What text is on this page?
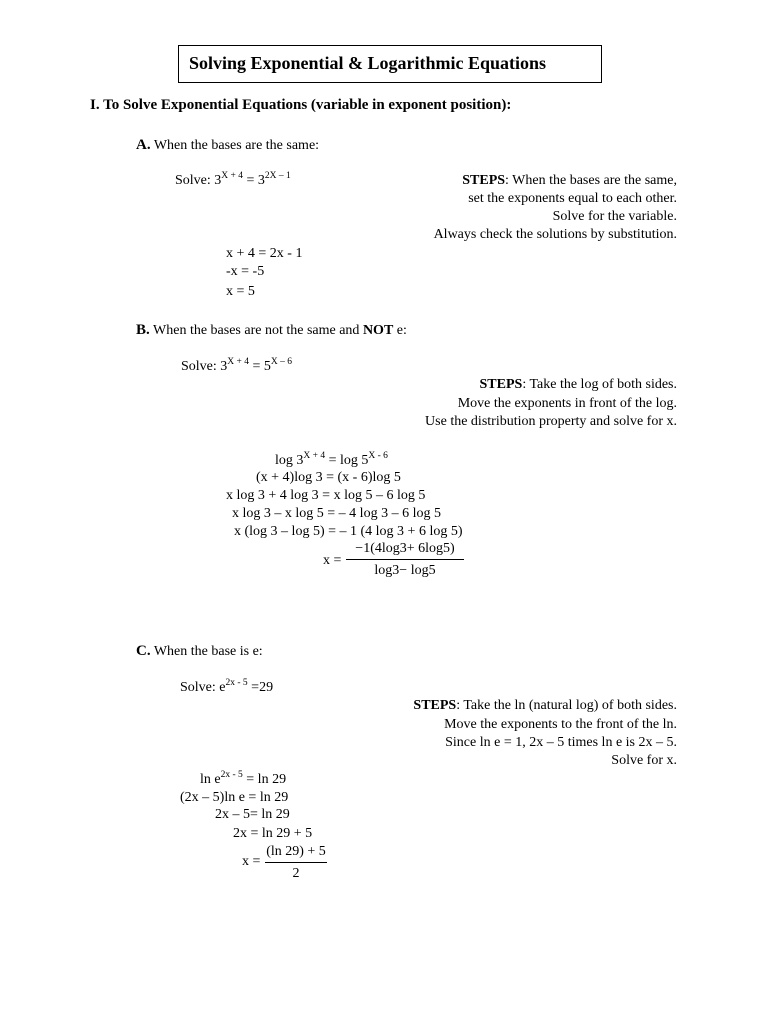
Solving Exponential & Logarithmic Equations
I. To Solve Exponential Equations (variable in exponent position):
A. When the bases are the same:
Solve: $3^{X + 4} = 3^{2X - 1}$	STEPS: When the bases are the same,
set the exponents equal to each other.
Solve for the variable.
Always check the solutions by substitution.
x + 4 = 2x - 1
-x = -5
x = 5
B. When the bases are not the same and NOT e:
Solve: $3^{X + 4} = 5^{X - 6}$
STEPS: Take the log of both sides.
Move the exponents in front of the log.
Use the distribution property and solve for x.
$\log 3^{X + 4} = \log 5^{X - 6}$
(x + 4)log 3 = (x - 6)log 5
x log 3 + 4 log 3 = x log 5 – 6 log 5
x log 3 – x log 5 = – 4 log 3 – 6 log 5
x (log 3 – log 5) = – 1 (4 log 3 + 6 log 5)
$x = \frac{-1(4\log 3+ 6\log 5)}{\log 3- \log 5}$
C. When the base is e:
Solve: $e^{2x - 5} =29$
STEPS: Take the ln (natural log) of both sides.
Move the exponents to the front of the ln.
Since ln e = 1, 2x – 5 times ln e is 2x – 5.
Solve for x.
$\ln e^{2x - 5} = \ln 29$
(2x – 5)ln e = ln 29
2x – 5= ln 29
2x = ln 29 + 5
$x = \frac{(\ln 29) + 5}{2}$
